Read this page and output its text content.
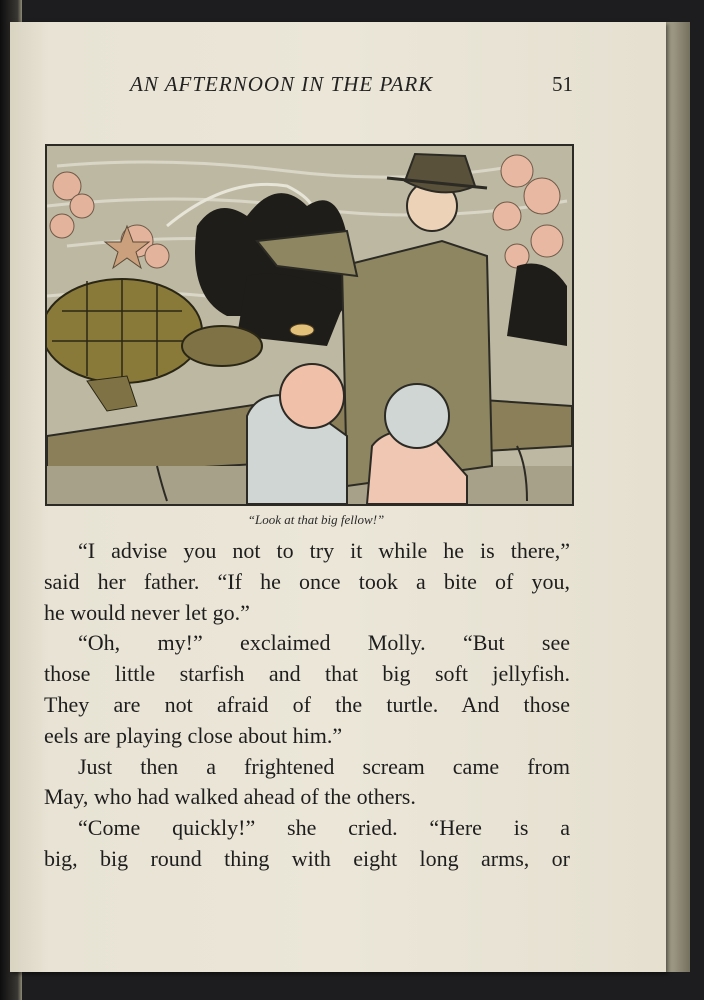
AN AFTERNOON IN THE PARK	51
“Look at that big fellow!”
“I advise you not to try it while he is there,”
said her father. “If he once took a bite of you,
he would never let go.”
“Oh, my!” exclaimed Molly. “But see
those little starfish and that big soft jellyfish.
They are not afraid of the turtle. And those
eels are playing close about him.”
Just then a frightened scream came from
May, who had walked ahead of the others.
“Come quickly!” she cried. “Here is a
big, big round thing with eight long arms, or
